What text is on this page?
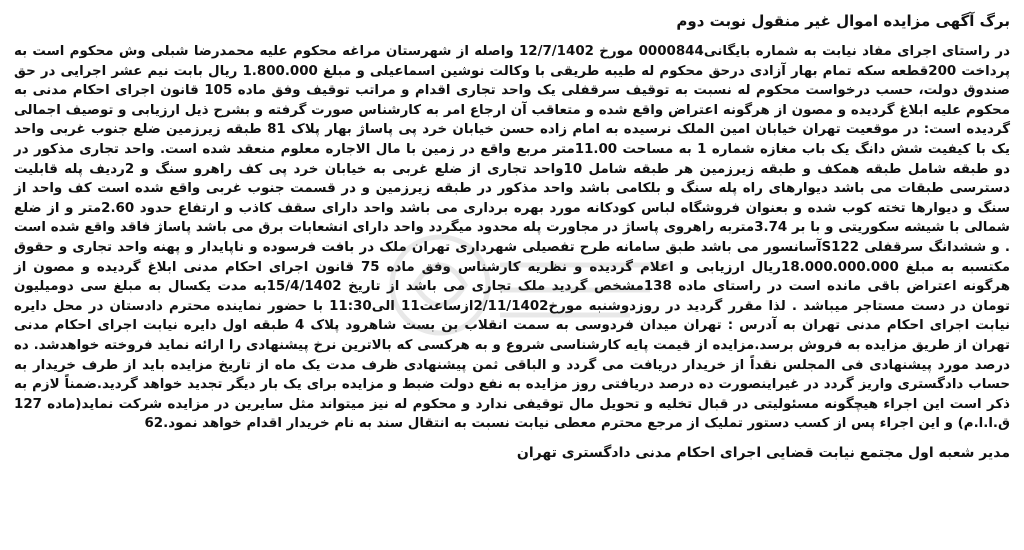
برگ آگهی مزایده اموال غیر منقول نوبت دوم

در راستای اجرای مفاد نیابت به شماره بایگانی0000844 مورخ 12/7/1402 واصله از شهرستان مراغه محکوم علیه محمدرضا شبلی وش محکوم است به پرداخت 200قطعه سکه تمام بهار آزادی درحق محکوم له طیبه طریقی با وکالت نوشین اسماعیلی و مبلغ 1.800.000 ریال بابت نیم عشر اجرایی در حق صندوق دولت، حسب درخواست محکوم له نسبت به توقیف سرقفلی یک واحد تجاری اقدام و مراتب توقیف وفق ماده 105 قانون اجرای احکام مدنی به محکوم علیه ابلاغ گردیده و مصون از هرگونه اعتراض واقع شده و متعاقب آن ارجاع امر به کارشناس صورت گرفته و بشرح ذیل ارزیابی و توصیف اجمالی گردیده است: در موقعیت تهران خیابان امین الملک نرسیده به امام زاده حسن خیابان خرد پی پاساژ بهار پلاک 81 طبقه زیرزمین ضلع جنوب غربی واحد یک با کیفیت شش دانگ یک باب مغازه شماره 1 به مساحت 11.00متر مربع واقع در زمین با مال الاجاره معلوم منعقد شده است. واحد تجاری مذکور در دو طبقه شامل طبقه همکف و طبقه زیرزمین هر طبقه شامل 10واحد تجاری از ضلع غربی به خیابان خرد پی کف راهرو سنگ و 2ردیف پله قابلیت دسترسی طبقات می باشد دیوارهای راه پله سنگ و بلکامی باشد واحد مذکور در طبقه زیرزمین و در قسمت جنوب غربی واقع شده است کف واحد از سنگ و دیوارها تخته کوب شده و بعنوان فروشگاه لباس کودکانه مورد بهره برداری می باشد واحد دارای سقف کاذب و ارتفاع حدود 2.60متر و از ضلع شمالی با شیشه سکوریتی و با بر 3.74متربه راهروی پاساژ در مجاورت پله محدود میگردد واحد دارای انشعابات برق می باشد پاساژ فاقد واقع شده است . و ششدانگ سرقفلی S122آسانسور می باشد طبق سامانه طرح تفصیلی شهرداری تهران ملک در بافت فرسوده و ناپایدار و پهنه واحد تجاری و حقوق مکتسبه به مبلغ 18.000.000.000ریال ارزیابی و اعلام گردیده و نظریه کارشناس وفق ماده 75 قانون اجرای احکام مدنی ابلاغ گردیده و مصون از هرگونه اعتراض باقی مانده است در راستای ماده 138مشخص گردید ملک تجاری می باشد از تاریخ 15/4/1402به مدت یکسال به مبلغ سی دومیلیون تومان در دست مستاجر میباشد . لذا مقرر گردید در روزدوشنبه مورخ2/11/1402ازساعت11 الی11:30 با حضور نماینده محترم دادستان در محل دایره نیابت اجرای احکام مدنی تهران به آدرس : تهران میدان فردوسی به سمت انقلاب بن بست شاهرود پلاک 4 طبقه اول دایره نیابت اجرای احکام مدنی تهران از طریق مزایده به فروش برسد.مزایده از قیمت پایه کارشناسی شروع و به هرکسی که بالاترین نرخ پیشنهادی را ارائه نماید فروخته خواهدشد. ده درصد مورد پیشنهادی فی المجلس نقداً از خریدار دریافت می گردد و الباقی ثمن پیشنهادی ظرف مدت یک ماه از تاریخ مزایده باید از طرف خریدار به حساب دادگستری واریز گردد در غیراینصورت ده درصد دریافتی روز مزایده به نفع دولت ضبط و مزایده برای یک بار دیگر تجدید خواهد گردید.ضمناً لازم به ذکر است این اجراء هیچگونه مسئولیتی در قبال تخلیه و تحویل مال توقیفی ندارد و محکوم له نیز میتواند مثل سایرین در مزایده شرکت نماید(ماده 127 ق.ا.ا.م) و این اجراء پس از کسب دستور تملیک از مرجع محترم معطی نیابت نسبت به انتقال سند به نام خریدار اقدام خواهد نمود.62

مدیر شعبه اول مجتمع نیابت قضایی اجرای احکام مدنی دادگستری تهران
